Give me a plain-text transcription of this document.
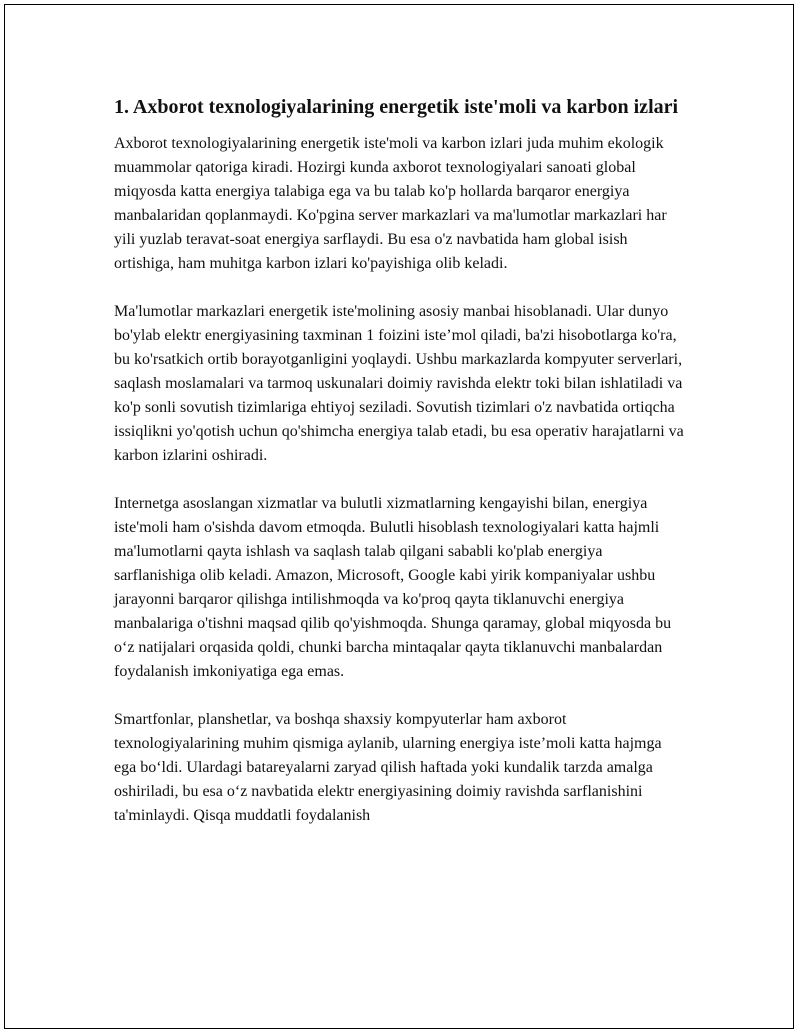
1. Axborot texnologiyalarining energetik iste'moli va karbon izlari

Axborot texnologiyalarining energetik iste'moli va karbon izlari juda muhim ekologik muammolar qatoriga kiradi. Hozirgi kunda axborot texnologiyalari sanoati global miqyosda katta energiya talabiga ega va bu talab ko'p hollarda barqaror energiya manbalaridan qoplanmaydi. Ko'pgina server markazlari va ma'lumotlar markazlari har yili yuzlab teravat-soat energiya sarflaydi. Bu esa o'z navbatida ham global isish ortishiga, ham muhitga karbon izlari ko'payishiga olib keladi.

Ma'lumotlar markazlari energetik iste'molining asosiy manbai hisoblanadi. Ular dunyo bo'ylab elektr energiyasining taxminan 1 foizini iste’mol qiladi, ba'zi hisobotlarga ko'ra, bu ko'rsatkich ortib borayotganligini yoqlaydi. Ushbu markazlarda kompyuter serverlari, saqlash moslamalari va tarmoq uskunalari doimiy ravishda elektr toki bilan ishlatiladi va ko'p sonli sovutish tizimlariga ehtiyoj seziladi. Sovutish tizimlari o'z navbatida ortiqcha issiqlikni yo'qotish uchun qo'shimcha energiya talab etadi, bu esa operativ harajatlarni va karbon izlarini oshiradi.

Internetga asoslangan xizmatlar va bulutli xizmatlarning kengayishi bilan, energiya iste'moli ham o'sishda davom etmoqda. Bulutli hisoblash texnologiyalari katta hajmli ma'lumotlarni qayta ishlash va saqlash talab qilgani sababli ko'plab energiya sarflanishiga olib keladi. Amazon, Microsoft, Google kabi yirik kompaniyalar ushbu jarayonni barqaror qilishga intilishmoqda va ko'proq qayta tiklanuvchi energiya manbalariga o'tishni maqsad qilib qo'yishmoqda. Shunga qaramay, global miqyosda bu o‘z natijalari orqasida qoldi, chunki barcha mintaqalar qayta tiklanuvchi manbalardan foydalanish imkoniyatiga ega emas.

Smartfonlar, planshetlar, va boshqa shaxsiy kompyuterlar ham axborot texnologiyalarining muhim qismiga aylanib, ularning energiya iste’moli katta hajmga ega bo‘ldi. Ulardagi batareyalarni zaryad qilish haftada yoki kundalik tarzda amalga oshiriladi, bu esa o‘z navbatida elektr energiyasining doimiy ravishda sarflanishini ta'minlaydi. Qisqa muddatli foydalanish
